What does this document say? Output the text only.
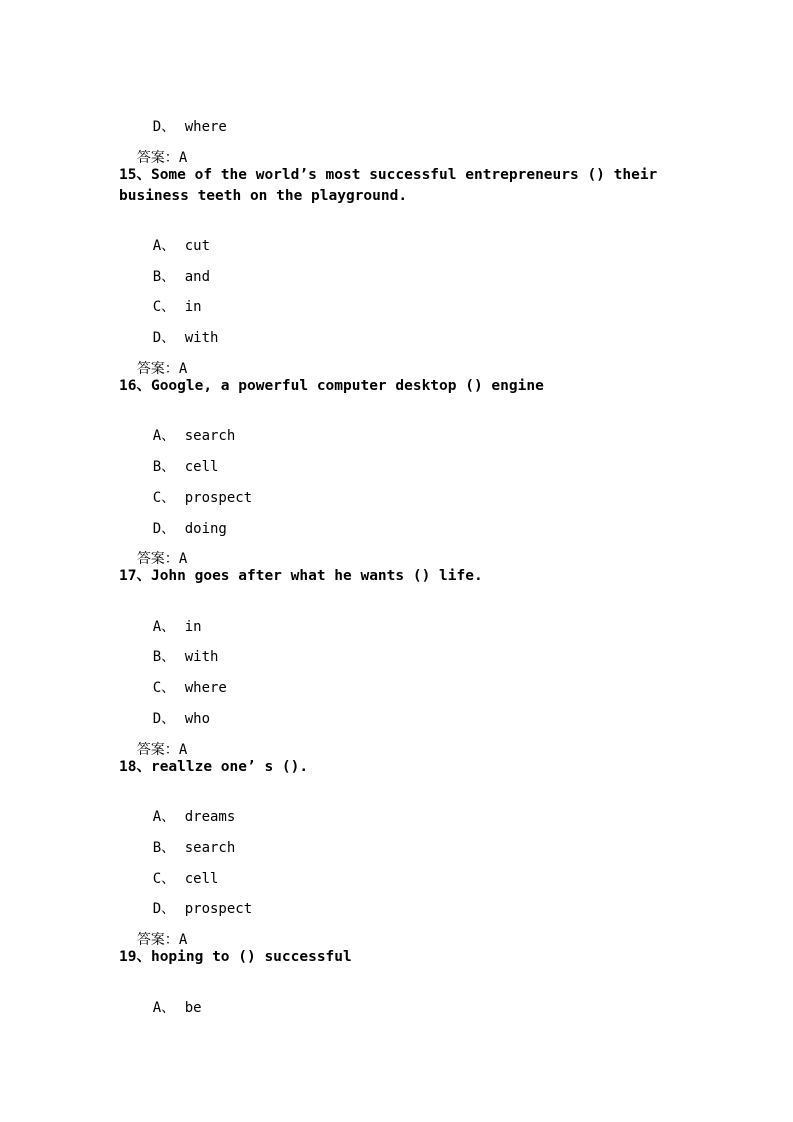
D、 where

答案：A

15、Some of the world’s most successful entrepreneurs () their
business teeth on the playground.

A、 cut

B、 and

C、 in

D、 with

答案：A

16、Google, a powerful computer desktop () engine

A、 search

B、 cell

C、 prospect

D、 doing

答案：A

17、John goes after what he wants () life.

A、 in

B、 with

C、 where

D、 who

答案：A

18、reallze one’ s ().

A、 dreams

B、 search

C、 cell

D、 prospect

答案：A

19、hoping to () successful

A、 be
